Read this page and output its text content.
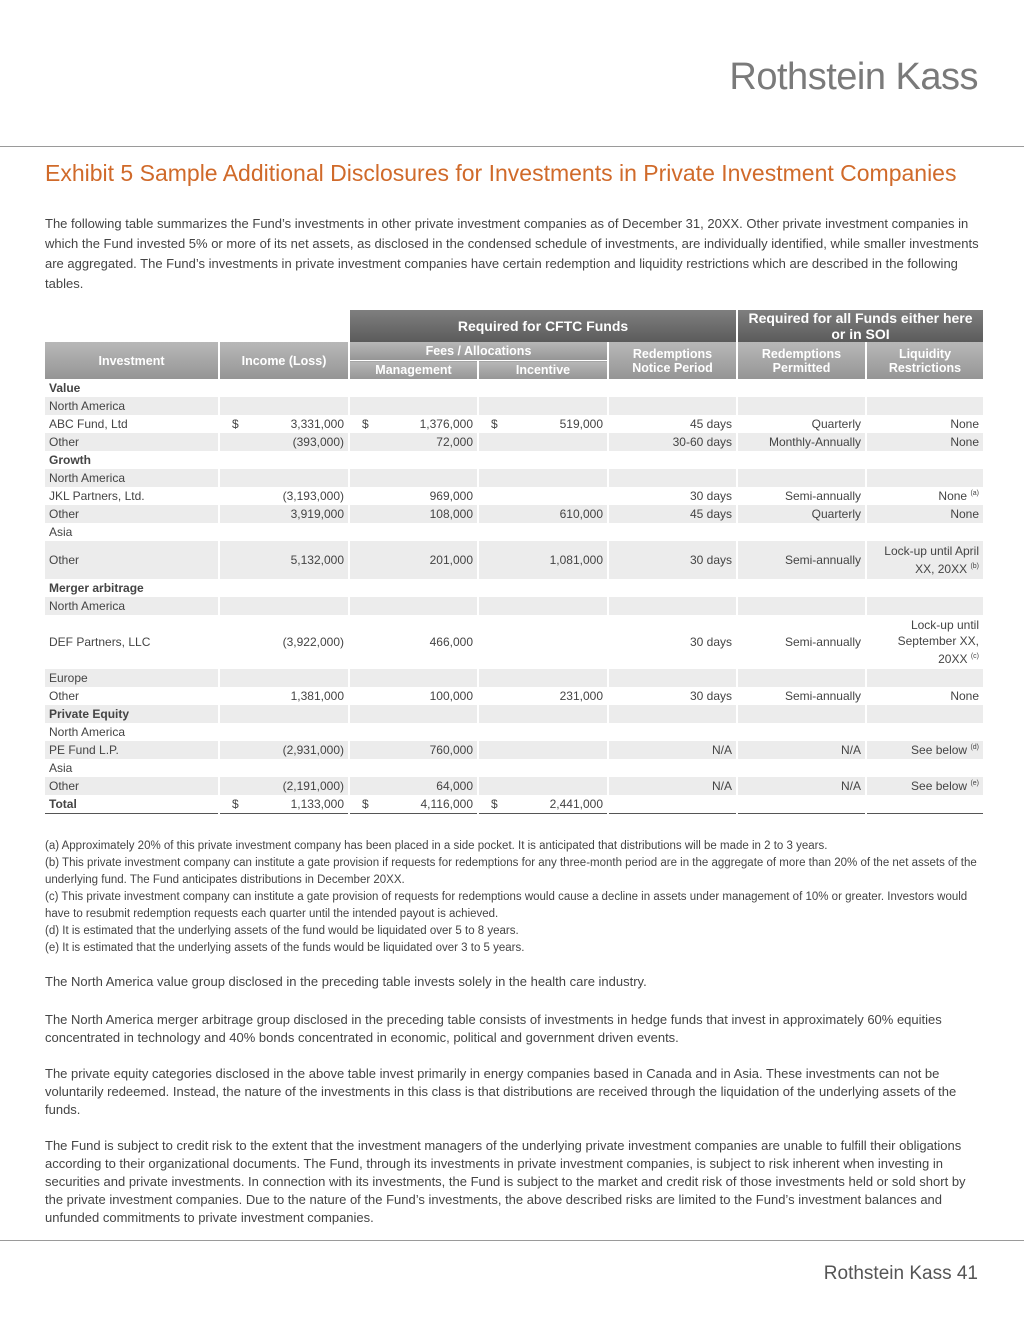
Rothstein Kass
Exhibit 5 Sample Additional Disclosures for Investments in Private Investment Companies

The following table summarizes the Fund’s investments in other private investment companies as of December 31, 20XX. Other private investment companies in which the Fund invested 5% or more of its net assets, as disclosed in the condensed schedule of investments, are individually identified, while smaller investments are aggregated. The Fund’s investments in private investment companies have certain redemption and liquidity restrictions which are described in the following tables.

		Required for CFTC Funds			Required for all Funds either here or in SOI	
Investment	Income (Loss)	Fees / Allocations		Redemptions Notice Period	Redemptions Permitted	Liquidity Restrictions
		Management	Incentive			
Value						
North America						
ABC Fund, Ltd	$ 3,331,000	$ 1,376,000	$ 519,000	45 days	Quarterly	None
Other	(393,000)	72,000		30-60 days	Monthly-Annually	None
Growth						
North America						
JKL Partners, Ltd.	(3,193,000)	969,000		30 days	Semi-annually	None $^{(a)}$
Other	3,919,000	108,000	610,000	45 days	Quarterly	None
Asia						
Other	5,132,000	201,000	1,081,000	30 days	Semi-annually	Lock-up until April XX, 20XX $^{(b)}$
Merger arbitrage						
North America						
DEF Partners, LLC	(3,922,000)	466,000		30 days	Semi-annually	Lock-up until September XX, 20XX $^{(c)}$
Europe						
Other	1,381,000	100,000	231,000	30 days	Semi-annually	None
Private Equity						
North America						
PE Fund L.P.	(2,931,000)	760,000		N/A	N/A	See below $^{(d)}$
Asia						
Other	(2,191,000)	64,000		N/A	N/A	See below $^{(e)}$
Total	$ 1,133,000	$ 4,116,000	$ 2,441,000			
(a) Approximately 20% of this private investment company has been placed in a side pocket. It is anticipated that distributions will be made in 2 to 3 years.
(b) This private investment company can institute a gate provision if requests for redemptions for any three-month period are in the aggregate of more than 20% of the net assets of the underlying fund. The Fund anticipates distributions in December 20XX.
(c) This private investment company can institute a gate provision of requests for redemptions would cause a decline in assets under management of 10% or greater. Investors would have to resubmit redemption requests each quarter until the intended payout is achieved.
(d) It is estimated that the underlying assets of the fund would be liquidated over 5 to 8 years.
(e) It is estimated that the underlying assets of the funds would be liquidated over 3 to 5 years.

The North America value group disclosed in the preceding table invests solely in the health care industry.

The North America merger arbitrage group disclosed in the preceding table consists of investments in hedge funds that invest in approximately 60% equities concentrated in technology and 40% bonds concentrated in economic, political and government driven events.

The private equity categories disclosed in the above table invest primarily in energy companies based in Canada and in Asia. These investments can not be voluntarily redeemed. Instead, the nature of the investments in this class is that distributions are received through the liquidation of the underlying assets of the funds.

The Fund is subject to credit risk to the extent that the investment managers of the underlying private investment companies are unable to fulfill their obligations according to their organizational documents. The Fund, through its investments in private investment companies, is subject to risk inherent when investing in securities and private investments. In connection with its investments, the Fund is subject to the market and credit risk of those investments held or sold short by the private investment companies. Due to the nature of the Fund’s investments, the above described risks are limited to the Fund’s investment balances and unfunded commitments to private investment companies.

Rothstein Kass 41
